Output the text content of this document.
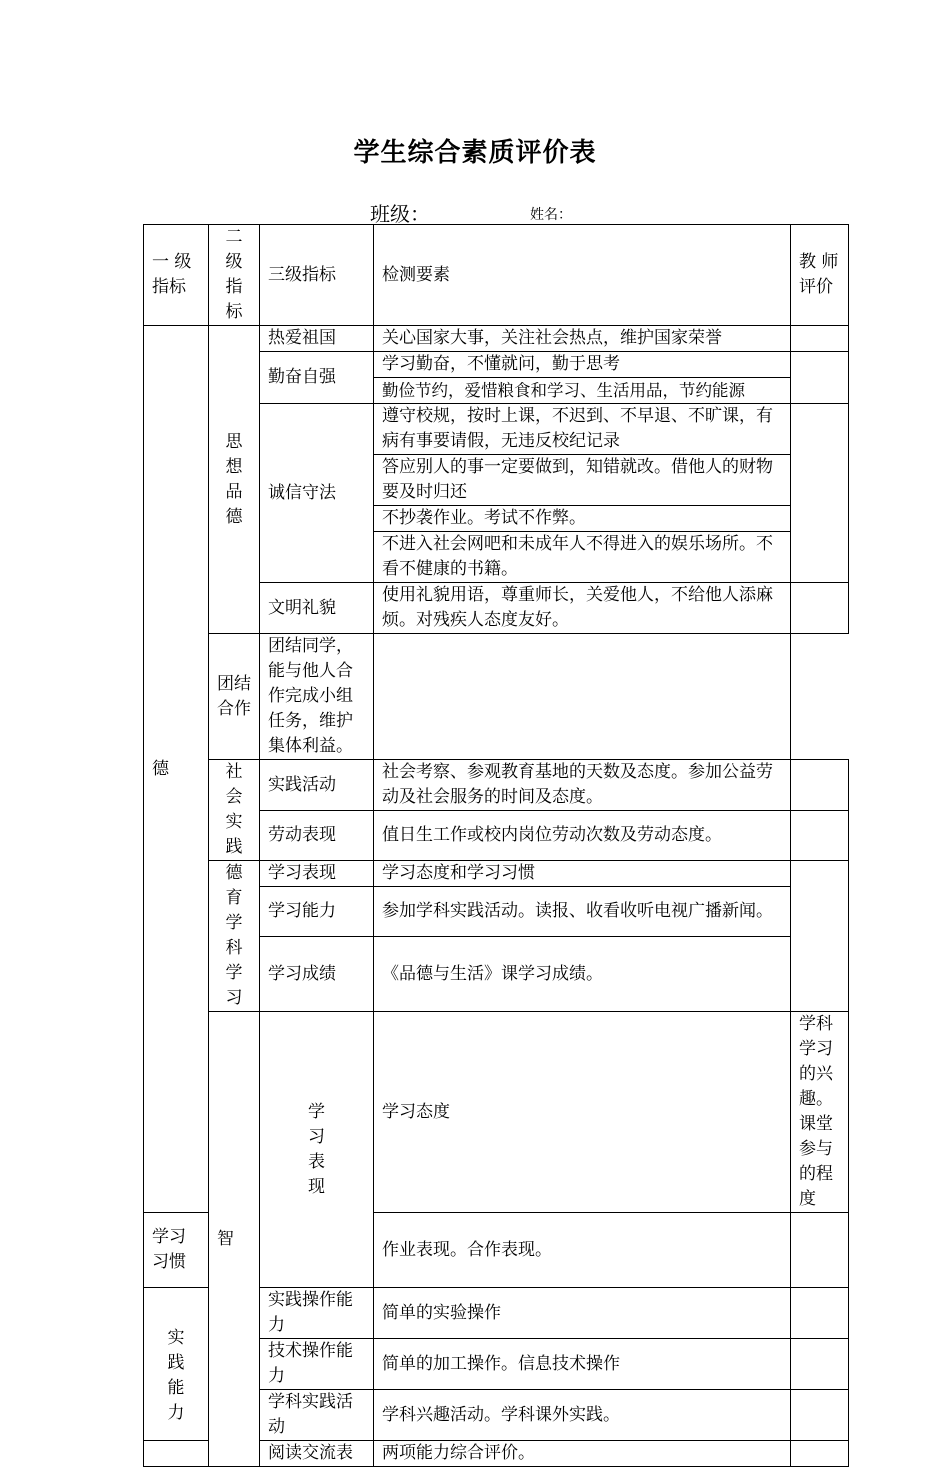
学生综合素质评价表
班级：	姓名：
一 级 指标	二 级 指 标	三级指标	检测要素	教 师 评价	
德	思 想 品 德	热爱祖国	关心国家大事，关注社会热点，维护国家荣誉		
		勤奋自强	学习勤奋，不懂就问，勤于思考		
			勤俭节约，爱惜粮食和学习、生活用品，节约能源		
		诚信守法	遵守校规，按时上课，不迟到、不早退、不旷课，有病有事要请假，无违反校纪记录		
			答应别人的事一定要做到，知错就改。借他人的财物要及时归还		
			不抄袭作业。考试不作弊。		
			不进入社会网吧和未成年人不得进入的娱乐场所。不看不健康的书籍。		
		文明礼貌	使用礼貌用语，尊重师长，关爱他人，不给他人添麻烦。对残疾人态度友好。		
	团结合作	团结同学，能与他人合作完成小组任务，维护集体利益。			
	社 会 实 践	实践活动	社会考察、参观教育基地的天数及态度。参加公益劳动及社会服务的时间及态度。		
		劳动表现	值日生工作或校内岗位劳动次数及劳动态度。		
	德 育 学 科 学 习	学习表现	学习态度和学习习惯		
		学习能力	参加学科实践活动。读报、收看收听电视广播新闻。		
		学习成绩	《品德与生活》课学习成绩。		
	智	学 习 表 现	学习态度	学科学习的兴趣。课堂参与的程度	
学习习惯			作业表现。合作表现。		
实 践 能 力		实践操作能力	简单的实验操作		
		技术操作能力	简单的加工操作。信息技术操作		
		学科实践活动	学科兴趣活动。学科课外实践。		
		阅读交流表	两项能力综合评价。		
